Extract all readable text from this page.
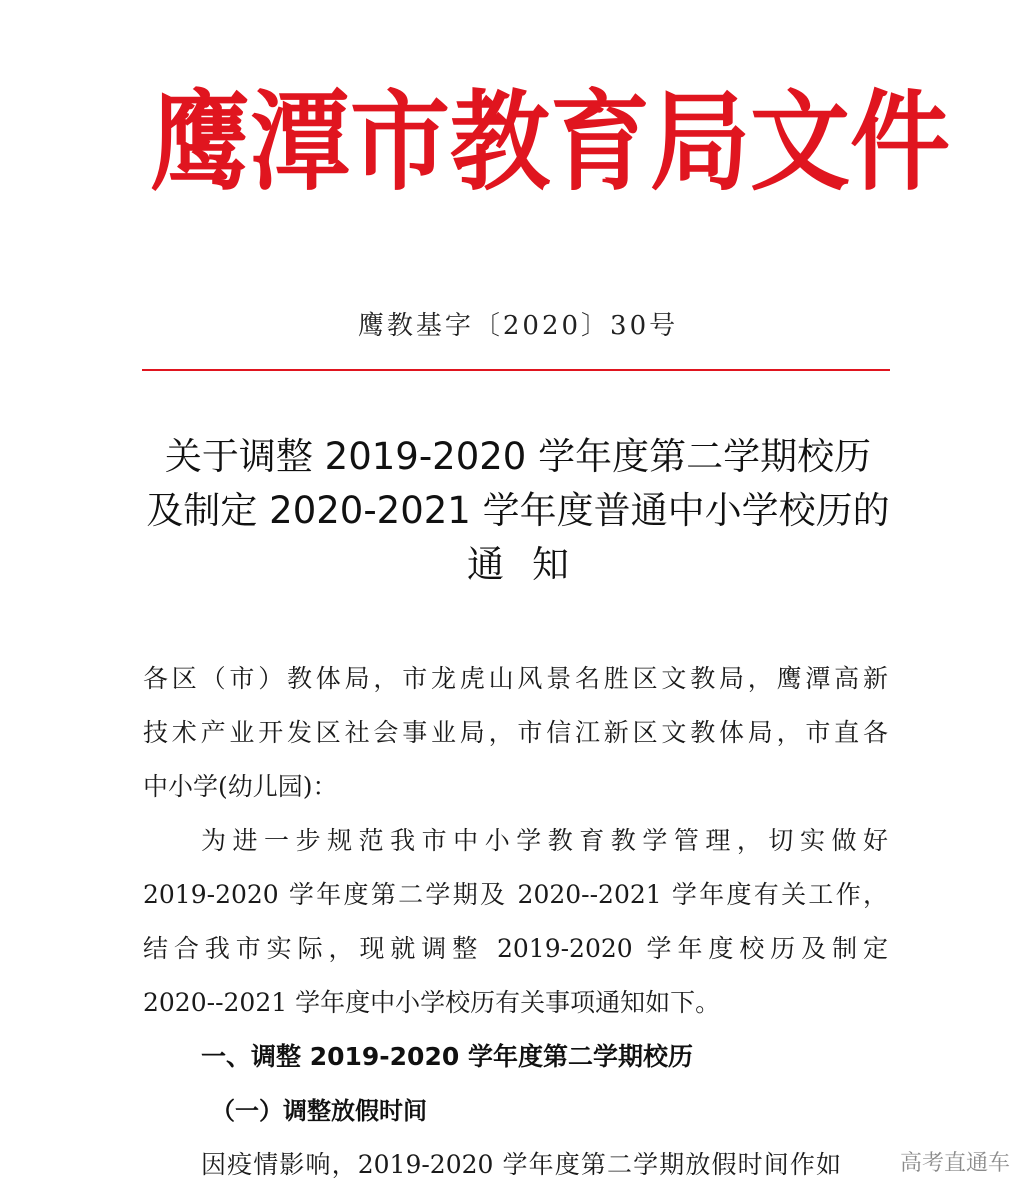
鹰 潭 市 教 育 局 文 件
鹰教基字〔2020〕30号
关于调整 2019-2020 学年度第二学期校历
及制定 2020-2021 学年度普通中小学校历的
通知

各区（市）教体局，市龙虎山风景名胜区文教局，鹰潭高新
技术产业开发区社会事业局，市信江新区文教体局，市直各
中小学(幼儿园)：

为进一步规范我市中小学教育教学管理，切实做好
2019-2020 学年度第二学期及 2020--2021 学年度有关工作，
结合我市实际，现就调整 2019-2020 学年度校历及制定
2020--2021 学年度中小学校历有关事项通知如下。

一、调整 2019-2020 学年度第二学期校历

（一）调整放假时间

因疫情影响，2019-2020 学年度第二学期放假时间作如	高考直通车
